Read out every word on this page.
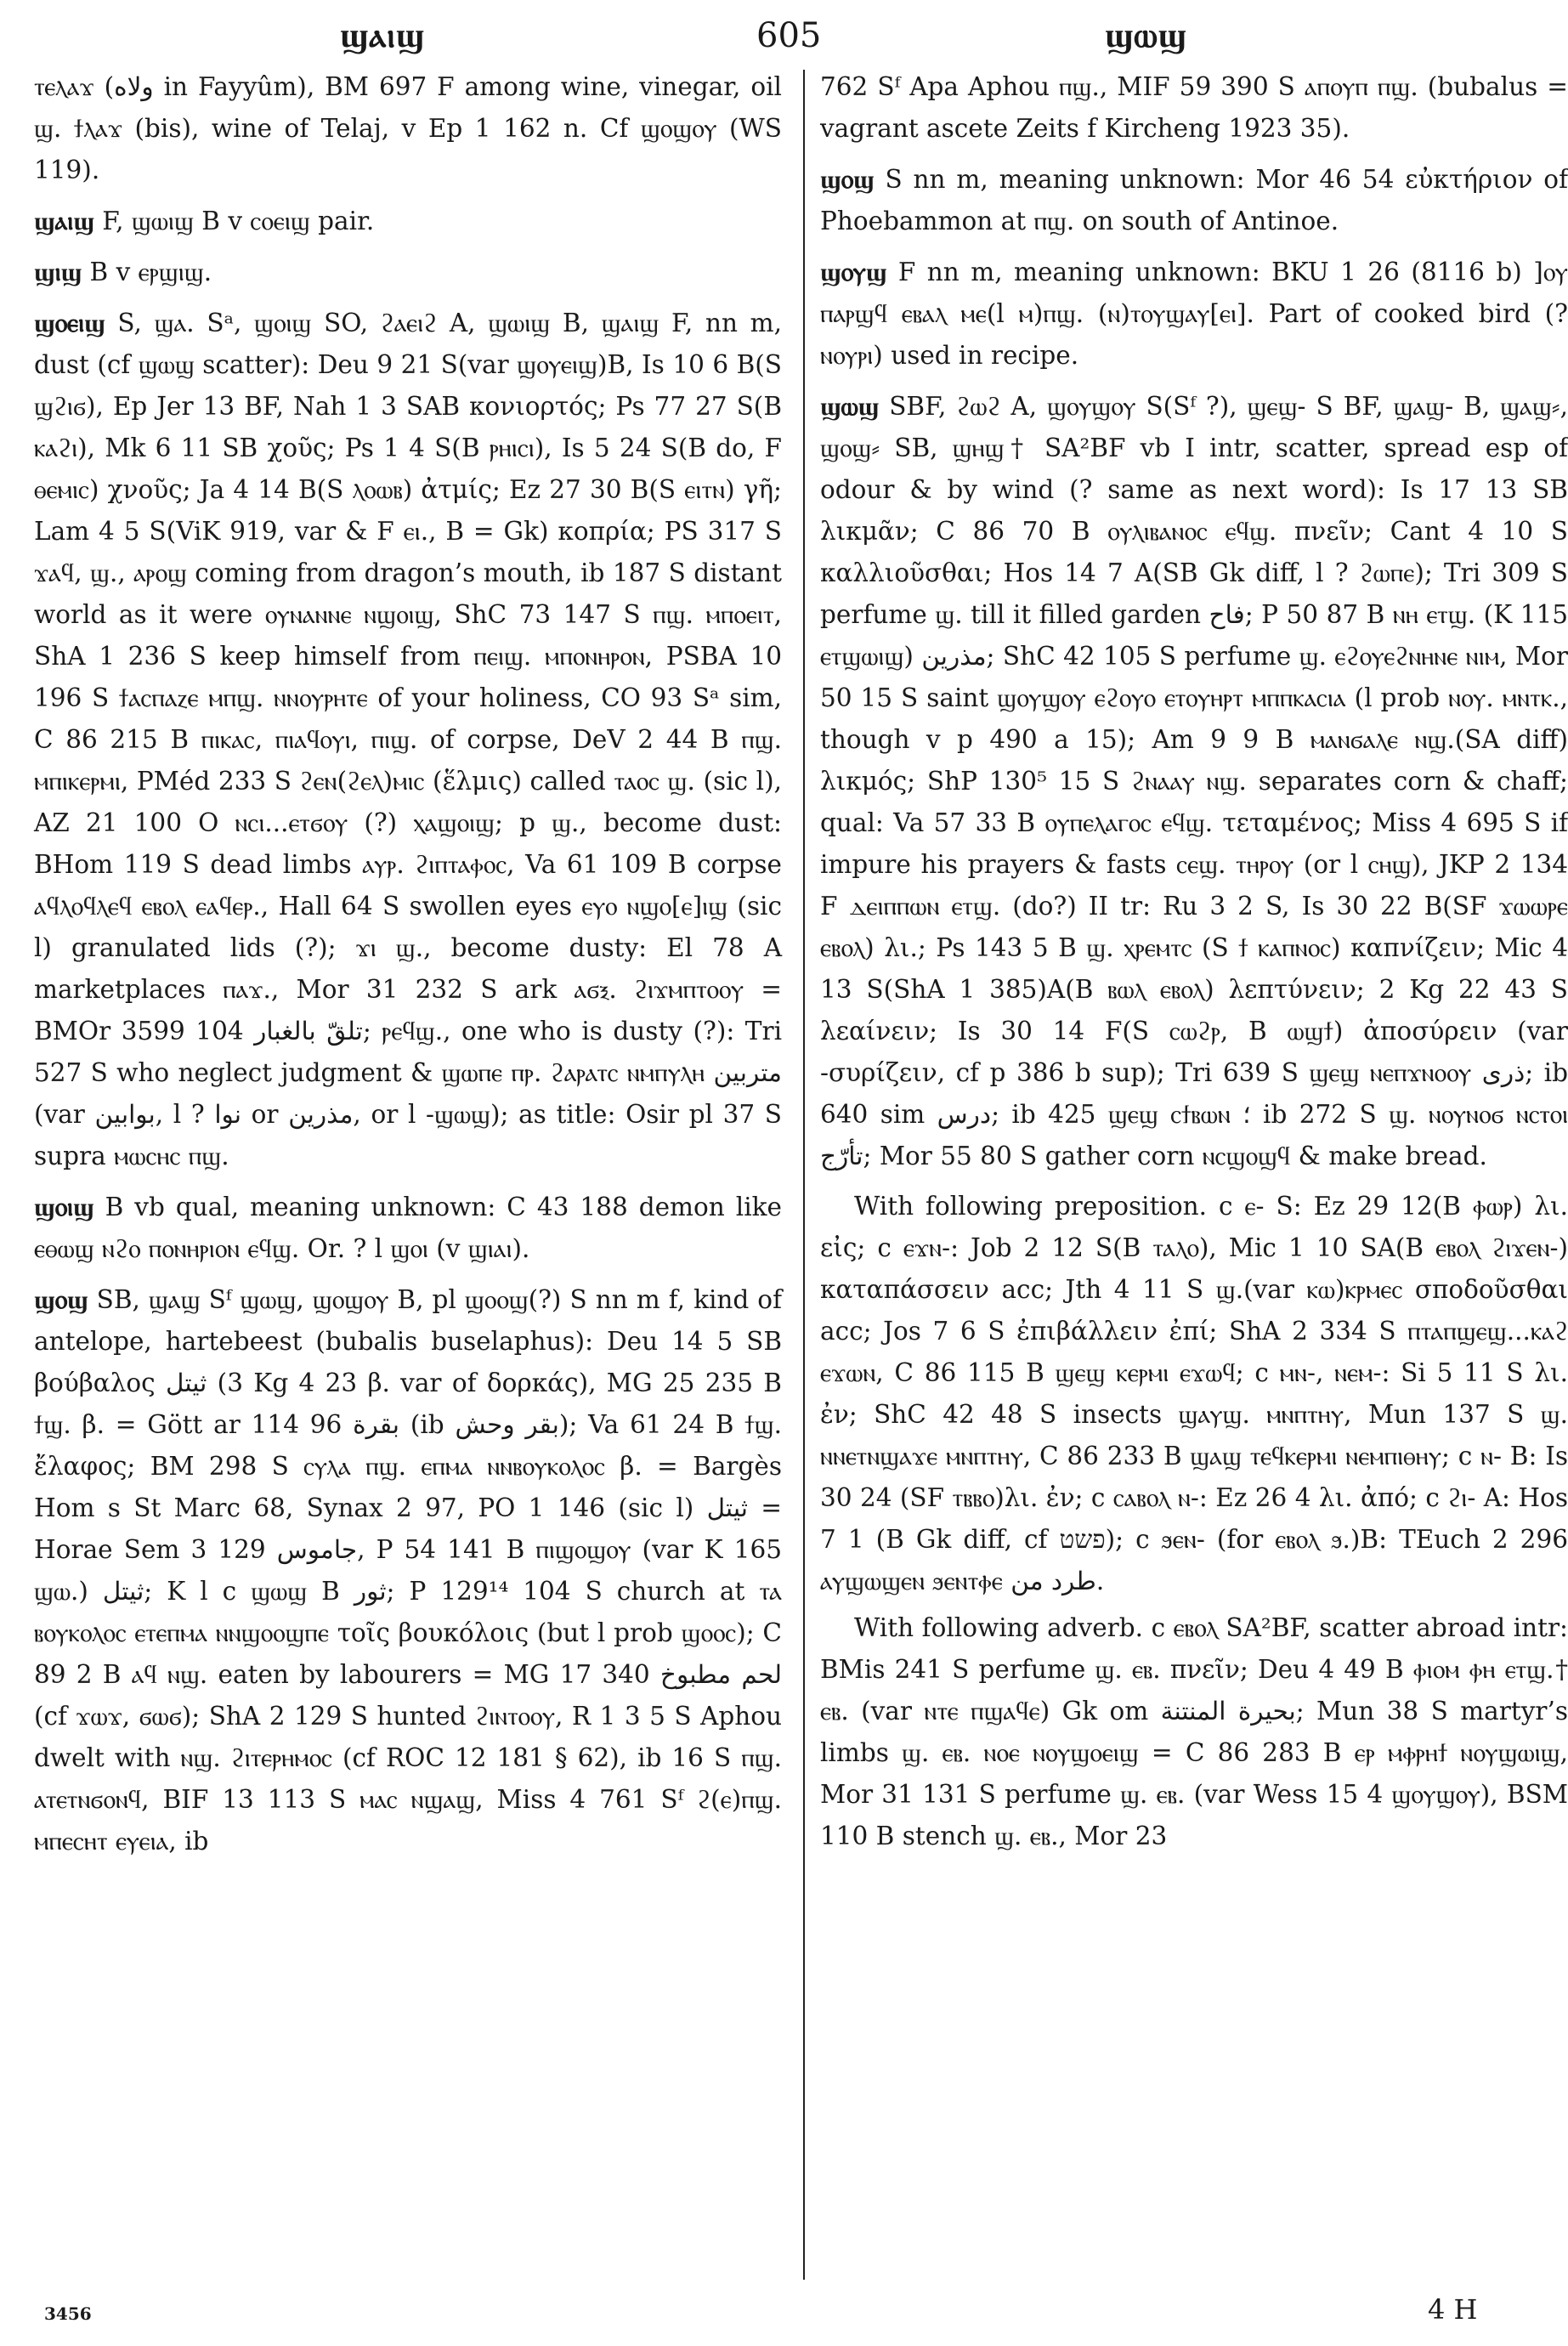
ϣⲁⲓϣ	605	ϣⲱϣ

ⲧⲉⲗⲁϫ (ولاه in Fayyûm), BM 697 F among wine, vinegar, oil ϣ. ϯⲗⲁϫ (bis), wine of Telaj, v Ep 1 162 n. Cf ϣⲟϣⲟⲩ (WS 119).

ϣⲁⲓϣ F, ϣⲱⲓϣ B v ⲥⲟⲉⲓϣ pair.

ϣⲓϣ B v ⲉⲣϣⲓϣ.

ϣⲟⲉⲓϣ S, ϣⲁ. Sᵃ, ϣⲟⲓϣ SO, ϩⲁⲉⲓϩ A, ϣⲱⲓϣ B, ϣⲁⲓϣ F, nn m, dust (cf ϣⲱϣ scatter): Deu 9 21 S(var ϣⲟⲩⲉⲓϣ)B, Is 10 6 B(S ϣϩⲓϭ), Ep Jer 13 BF, Nah 1 3 SAB κονιορτός; Ps 77 27 S(B ⲕⲁϩⲓ), Mk 6 11 SB χοῦς; Ps 1 4 S(B ⲣⲏⲓⲥⲓ), Is 5 24 S(B do, F ⲑⲉⲙⲓⲥ) χνοῦς; Ja 4 14 B(S ⲗⲟⲱⲃ) ἀτμίς; Ez 27 30 B(S ⲉⲓⲧⲛ) γῆ; Lam 4 5 S(ViK 919, var & F ⲉⲓ., B = Gk) κοπρία; PS 317 S ϫⲁϥ, ϣ., ⲁⲣⲟϣ coming from dragon’s mouth, ib 187 S distant world as it were ⲟⲩⲛⲁⲛⲛⲉ ⲛϣⲟⲓϣ, ShC 73 147 S ⲡϣ. ⲙⲡⲟⲉⲓⲧ, ShA 1 236 S keep himself from ⲡⲉⲓϣ. ⲙⲡⲟⲛⲏⲣⲟⲛ, PSBA 10 196 S ϯⲁⲥⲡⲁⲍⲉ ⲙⲡϣ. ⲛⲛⲟⲩⲣⲏⲧⲉ of your holiness, CO 93 Sᵃ sim, C 86 215 B ⲡⲓⲕⲁⲥ, ⲡⲓⲁϥⲟⲩⲓ, ⲡⲓϣ. of corpse, DeV 2 44 B ⲡϣ. ⲙⲡⲓⲕⲉⲣⲙⲓ, PMéd 233 S ϩⲉⲛ(ϩⲉⲗ)ⲙⲓⲥ (ἕλμις) called ⲧⲁⲟⲥ ϣ. (sic l), AZ 21 100 O ⲛⲥⲓ...ⲉⲧϭⲟⲩ (?) ⲭⲁϣⲟⲓϣ; p ϣ., become dust: BHom 119 S dead limbs ⲁⲩⲣ. ϩⲓⲡⲧⲁⲫⲟⲥ, Va 61 109 B corpse ⲁϥⲗⲟϥⲗⲉϥ ⲉⲃⲟⲗ ⲉⲁϥⲉⲣ., Hall 64 S swollen eyes ⲉⲩⲟ ⲛϣⲟ[ⲉ]ⲓϣ (sic l) granulated lids (?); ϫⲓ ϣ., become dusty: El 78 A marketplaces ⲡⲁϫ., Mor 31 232 S ark ⲁϭⲝ. ϩⲓϫⲙⲡⲧⲟⲟⲩ = BMOr 3599 104 تلقّ بالغبار; ⲣⲉϥϣ., one who is dusty (?): Tri 527 S who neglect judgment & ϣⲱⲡⲉ ⲡⲣ. ϩⲁⲣⲁⲧⲥ ⲛⲙⲡⲩⲗⲏ متربين (var بوابين, l ? نوا or مذرين, or l -ϣⲱϣ); as title: Osir pl 37 S supra ⲙⲱⲥⲏⲥ ⲡϣ.

ϣⲟⲓϣ B vb qual, meaning unknown: C 43 188 demon like ⲉⲑⲱϣ ⲛϩⲟ ⲡⲟⲛⲏⲣⲓⲟⲛ ⲉϥϣ. Or. ? l ϣⲟⲓ (v ϣⲓⲁⲓ).

ϣⲟϣ SB, ϣⲁϣ Sᶠ ϣⲱϣ, ϣⲟϣⲟⲩ B, pl ϣⲟⲟϣ(?) S nn m f, kind of antelope, hartebeest (bubalis buselaphus): Deu 14 5 SB βούβαλος ثيتل (3 Kg 4 23 β. var of δορκάς), MG 25 235 B ϯϣ. β. = Gött ar 114 96 بقرة (ib بقر وحش); Va 61 24 B ϯϣ. ἔλαφος; BM 298 S ⲥⲩⲗⲁ ⲡϣ. ⲉⲡⲙⲁ ⲛⲛⲃⲟⲩⲕⲟⲗⲟⲥ β. = Bargès Hom s St Marc 68, Synax 2 97, PO 1 146 (sic l) ثيتل = Horae Sem 3 129 جاموس, P 54 141 B ⲡⲓϣⲟϣⲟⲩ (var K 165 ϣⲱ.) ثيتل; K l c ϣⲱϣ B ثور; P 129¹⁴ 104 S church at ⲧⲁ ⲃⲟⲩⲕⲟⲗⲟⲥ ⲉⲧⲉⲡⲙⲁ ⲛⲛϣⲟⲟϣⲡⲉ τοῖς βουκόλοις (but l prob ϣⲟⲟⲥ); C 89 2 B ⲁϥ ⲛϣ. eaten by labourers = MG 17 340 لحم مطبوخ (cf ϫⲱϫ, ϭⲱϭ); ShA 2 129 S hunted ϩⲓⲛⲧⲟⲟⲩ, R 1 3 5 S Aphou dwelt with ⲛϣ. ϩⲓⲧⲉⲣⲏⲙⲟⲥ (cf ROC 12 181 § 62), ib 16 S ⲡϣ. ⲁⲧⲉⲧⲛϭⲟⲛϥ, BIF 13 113 S ⲙⲁⲥ ⲛϣⲁϣ, Miss 4 761 Sᶠ ϩ(ⲉ)ⲡϣ. ⲙⲡⲉⲥⲏⲧ ⲉⲩⲉⲓⲁ, ib

762 Sᶠ Apa Aphou ⲡϣ., MIF 59 390 S ⲁⲡⲟⲩⲡ ⲡϣ. (bubalus = vagrant ascete Zeits f Kircheng 1923 35).

ϣⲟϣ S nn m, meaning unknown: Mor 46 54 εὐκτήριον of Phoebammon at ⲡϣ. on south of Antinoe.

ϣⲟⲩϣ F nn m, meaning unknown: BKU 1 26 (8116 b) ]ⲟⲩ ⲡⲁⲣϣϥ ⲉⲃⲁⲗ ⲙⲉ(l ⲙ)ⲡϣ. (ⲛ)ⲧⲟⲩϣⲁⲩ[ⲉⲓ]. Part of cooked bird (? ⲛⲟⲩⲣⲓ) used in recipe.

ϣⲱϣ SBF, ϩⲱϩ A, ϣⲟⲩϣⲟⲩ S(Sᶠ ?), ϣⲉϣ- S BF, ϣⲁϣ- B, ϣⲁϣ⸗, ϣⲟϣ⸗ SB, ϣⲏϣ† SA²BF vb I intr, scatter, spread esp of odour & by wind (? same as next word): Is 17 13 SB λικμᾶν; C 86 70 B ⲟⲩⲗⲓⲃⲁⲛⲟⲥ ⲉϥϣ. πνεῖν; Cant 4 10 S καλλιοῦσθαι; Hos 14 7 A(SB Gk diff, l ? ϩⲱⲡⲉ); Tri 309 S perfume ϣ. till it filled garden فاح; P 50 87 B ⲛⲏ ⲉⲧϣ. (K 115 ⲉⲧϣⲱⲓϣ) مذرين; ShC 42 105 S perfume ϣ. ⲉϩⲟⲩⲉϩⲛⲏⲛⲉ ⲛⲓⲙ, Mor 50 15 S saint ϣⲟⲩϣⲟⲩ ⲉϩⲟⲩⲟ ⲉⲧⲟⲩⲏⲣⲧ ⲙⲡⲡⲕⲁⲥⲓⲁ (l prob ⲛⲟⲩ. ⲙⲛⲧⲕ., though v p 490 a 15); Am 9 9 B ⲙⲁⲛϭⲁⲗⲉ ⲛϣ.(SA diff) λικμός; ShP 130⁵ 15 S ϩⲛⲁⲁⲩ ⲛϣ. separates corn & chaff; qual: Va 57 33 B ⲟⲩⲡⲉⲗⲁⲅⲟⲥ ⲉϥϣ. τεταμένος; Miss 4 695 S if impure his prayers & fasts ⲥⲉϣ. ⲧⲏⲣⲟⲩ (or l ⲥⲏϣ), JKP 2 134 F ⲇⲉⲓⲡⲡⲱⲛ ⲉⲧϣ. (do?) II tr: Ru 3 2 S, Is 30 22 B(SF ϫⲱⲱⲣⲉ ⲉⲃⲟⲗ) λι.; Ps 143 5 B ϣ. ⲭⲣⲉⲙⲧⲥ (S ϯ ⲕⲁⲡⲛⲟⲥ) καπνίζειν; Mic 4 13 S(ShA 1 385)A(B ⲃⲱⲗ ⲉⲃⲟⲗ) λεπτύνειν; 2 Kg 22 43 S λεαίνειν; Is 30 14 F(S ⲥⲱϩⲣ, B ⲱϣϯ) ἀποσύρειν (var -συρίζειν, cf p 386 b sup); Tri 639 S ϣⲉϣ ⲛⲉⲡϫⲛⲟⲟⲩ ذرى; ib 640 sim درس; ib 425 ϣⲉϣ ⲥϯⲃⲱⲛ ؛ ib 272 S ϣ. ⲛⲟⲩⲛⲟϭ ⲛⲥⲧⲟⲓ تأرّج; Mor 55 80 S gather corn ⲛⲥϣⲟϣϥ & make bread.

With following preposition. c ⲉ- S: Ez 29 12(B ⲫⲱⲣ) λι. εἰς; c ⲉϫⲛ-: Job 2 12 S(B ⲧⲁⲗⲟ), Mic 1 10 SA(B ⲉⲃⲟⲗ ϩⲓϫⲉⲛ-) καταπάσσειν acc; Jth 4 11 S ϣ.(var ⲕⲱ)ⲕⲣⲙⲉⲥ σποδοῦσθαι acc; Jos 7 6 S ἐπιβάλλειν ἐπί; ShA 2 334 S ⲡⲧⲁⲡϣⲉϣ...ⲕⲁϩ ⲉϫⲱⲛ, C 86 115 B ϣⲉϣ ⲕⲉⲣⲙⲓ ⲉϫⲱϥ; c ⲙⲛ-, ⲛⲉⲙ-: Si 5 11 S λι. ἐν; ShC 42 48 S insects ϣⲁⲩϣ. ⲙⲛⲡⲧⲏⲩ, Mun 137 S ϣ. ⲛⲛⲉⲧⲛϣⲁϫⲉ ⲙⲛⲡⲧⲏⲩ, C 86 233 B ϣⲁϣ ⲧⲉϥⲕⲉⲣⲙⲓ ⲛⲉⲙⲡⲓⲑⲏⲩ; c ⲛ- B: Is 30 24 (SF ⲧⲃⲃⲟ)λι. ἐν; c ⲥⲁⲃⲟⲗ ⲛ-: Ez 26 4 λι. ἀπό; c ϩⲓ- A: Hos 7 1 (B Gk diff, cf פשט); c ϧⲉⲛ- (for ⲉⲃⲟⲗ ϧ.)B: TEuch 2 296 ⲁⲩϣⲱϣⲉⲛ ϧⲉⲛⲧⲫⲉ طرد من.

With following adverb. c ⲉⲃⲟⲗ SA²BF, scatter abroad intr: BMis 241 S perfume ϣ. ⲉⲃ. πνεῖν; Deu 4 49 B ⲫⲓⲟⲙ ⲫⲏ ⲉⲧϣ.† ⲉⲃ. (var ⲛⲧⲉ ⲡϣⲁϥⲉ) Gk om بحيرة المنتنة; Mun 38 S martyr’s limbs ϣ. ⲉⲃ. ⲛⲟⲉ ⲛⲟⲩϣⲟⲉⲓϣ = C 86 283 B ⲉⲣ ⲙⲫⲣⲏϯ ⲛⲟⲩϣⲱⲓϣ, Mor 31 131 S perfume ϣ. ⲉⲃ. (var Wess 15 4 ϣⲟⲩϣⲟⲩ), BSM 110 B stench ϣ. ⲉⲃ., Mor 23

3456	4 H
